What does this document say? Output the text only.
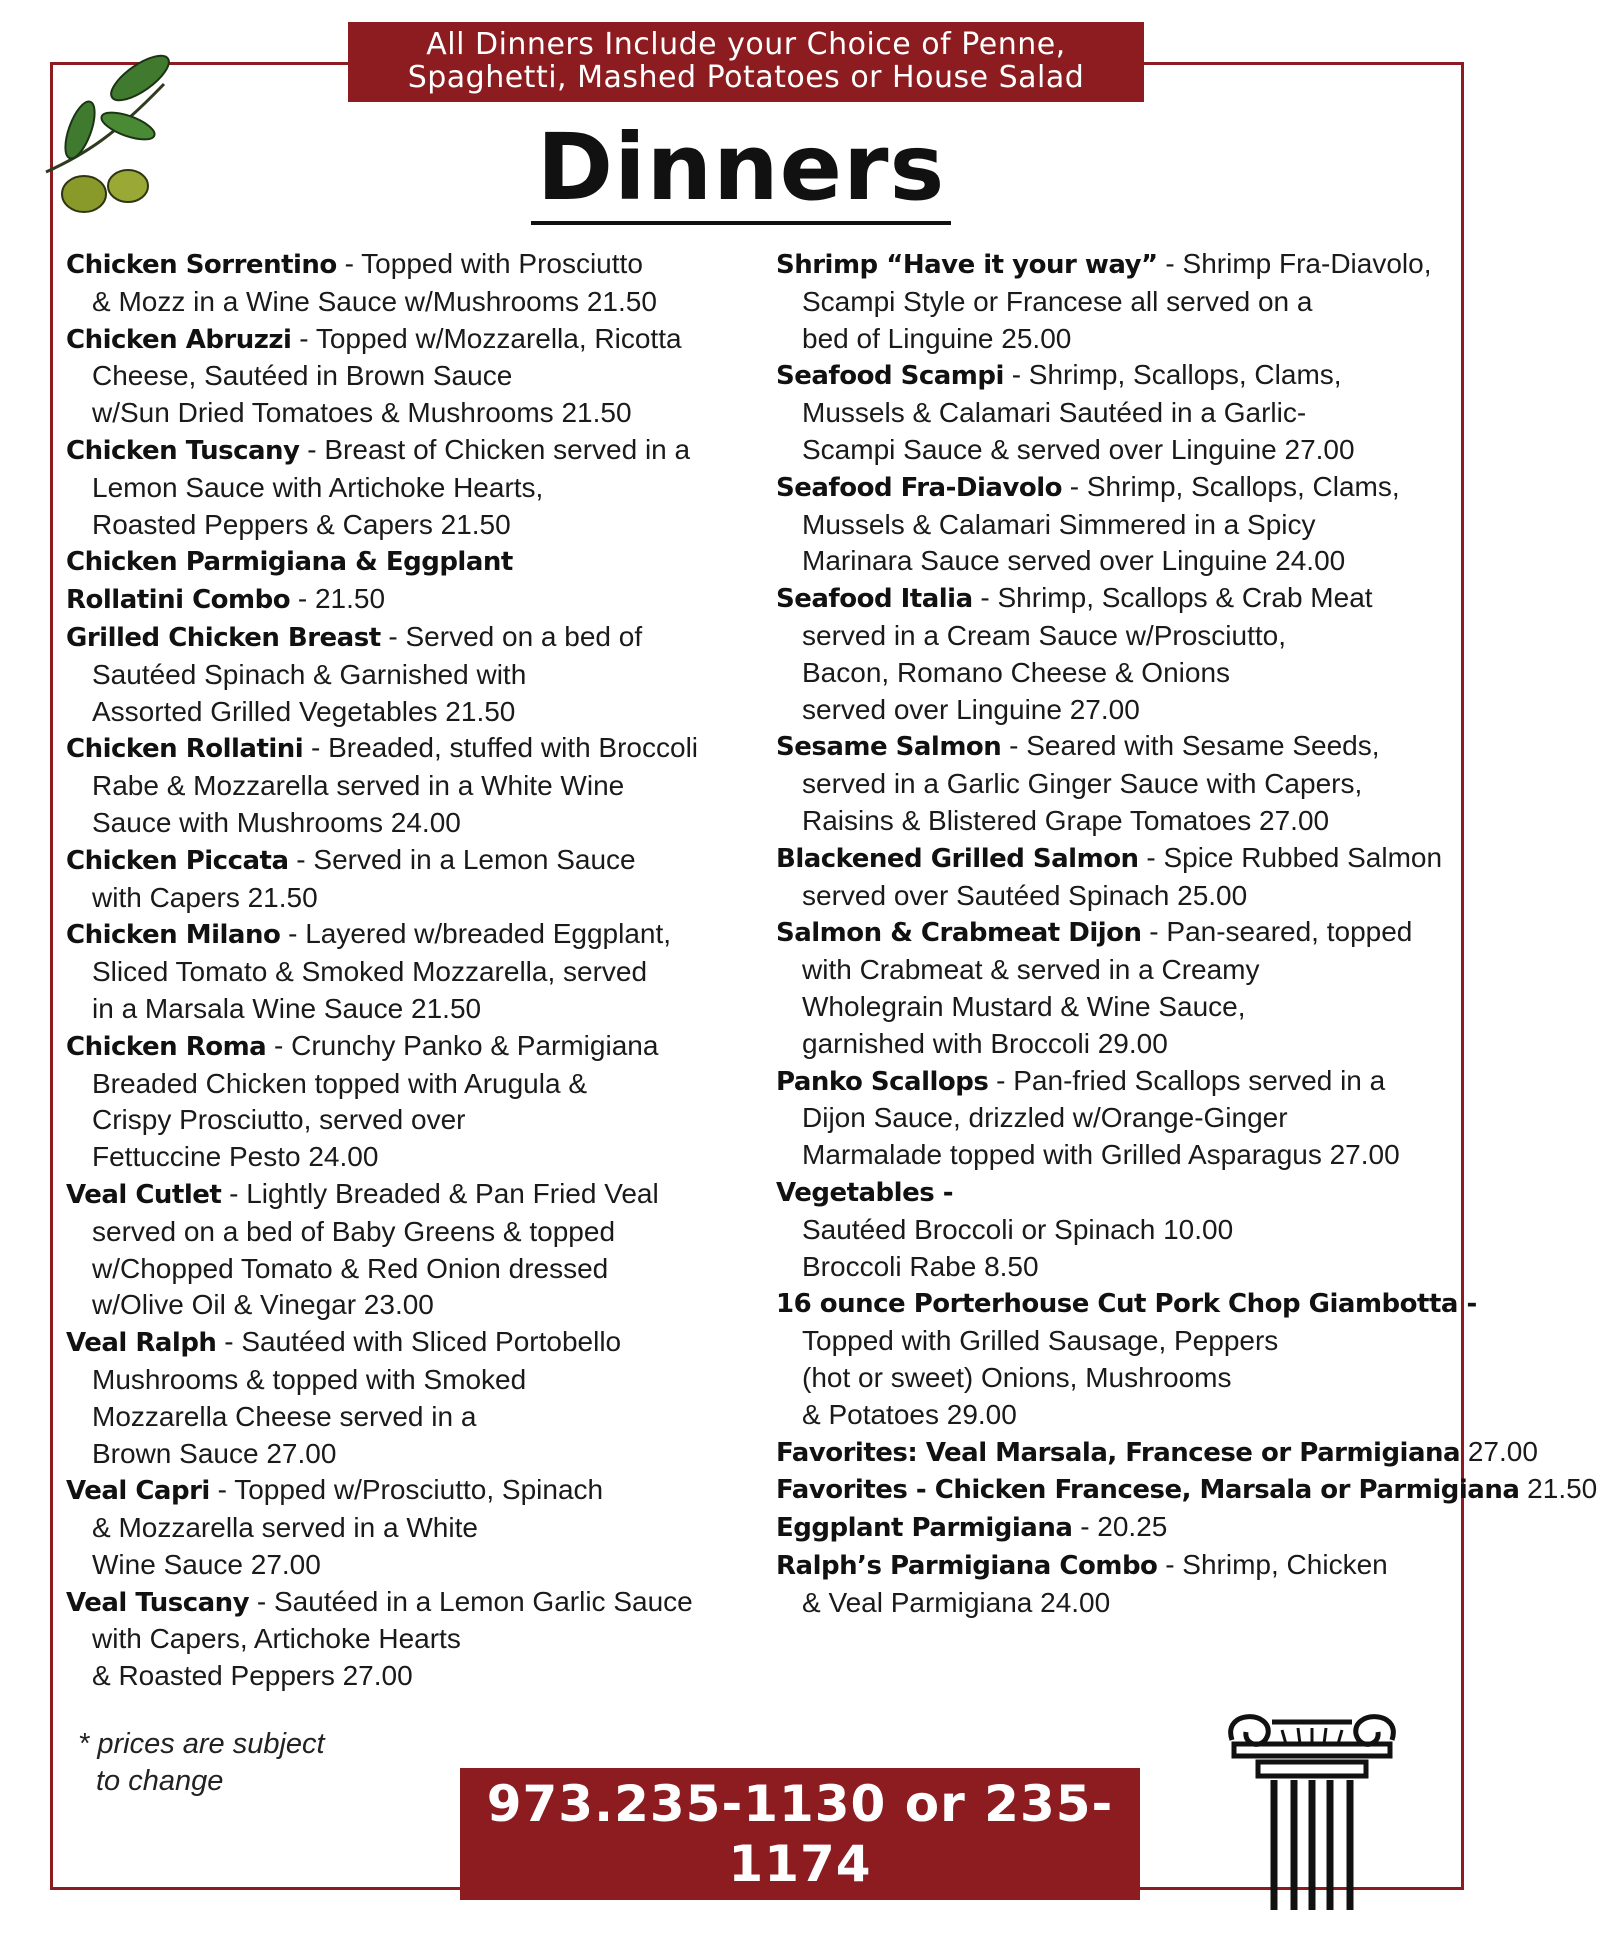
All Dinners Include your Choice of Penne,
Spaghetti, Mashed Potatoes or House Salad
Dinners
Chicken Sorrentino - Topped with Prosciutto
& Mozz in a Wine Sauce w/Mushrooms 21.50
Chicken Abruzzi - Topped w/Mozzarella, Ricotta
Cheese, Sautéed in Brown Sauce
w/Sun Dried Tomatoes & Mushrooms 21.50
Chicken Tuscany - Breast of Chicken served in a
Lemon Sauce with Artichoke Hearts,
Roasted Peppers & Capers 21.50
Chicken Parmigiana & Eggplant
Rollatini Combo - 21.50
Grilled Chicken Breast - Served on a bed of
Sautéed Spinach & Garnished with
Assorted Grilled Vegetables 21.50
Chicken Rollatini - Breaded, stuffed with Broccoli
Rabe & Mozzarella served in a White Wine
Sauce with Mushrooms 24.00
Chicken Piccata - Served in a Lemon Sauce
with Capers 21.50
Chicken Milano - Layered w/breaded Eggplant,
Sliced Tomato & Smoked Mozzarella, served
in a Marsala Wine Sauce 21.50
Chicken Roma - Crunchy Panko & Parmigiana
Breaded Chicken topped with Arugula &
Crispy Prosciutto, served over
Fettuccine Pesto 24.00
Veal Cutlet - Lightly Breaded & Pan Fried Veal
served on a bed of Baby Greens & topped
w/Chopped Tomato & Red Onion dressed
w/Olive Oil & Vinegar 23.00
Veal Ralph - Sautéed with Sliced Portobello
Mushrooms & topped with Smoked
Mozzarella Cheese served in a
Brown Sauce 27.00
Veal Capri - Topped w/Prosciutto, Spinach
& Mozzarella served in a White
Wine Sauce 27.00
Veal Tuscany - Sautéed in a Lemon Garlic Sauce
with Capers, Artichoke Hearts
& Roasted Peppers 27.00
Shrimp “Have it your way” - Shrimp Fra-Diavolo,
Scampi Style or Francese all served on a
bed of Linguine 25.00
Seafood Scampi - Shrimp, Scallops, Clams,
Mussels & Calamari Sautéed in a Garlic-
Scampi Sauce & served over Linguine 27.00
Seafood Fra-Diavolo - Shrimp, Scallops, Clams,
Mussels & Calamari Simmered in a Spicy
Marinara Sauce served over Linguine 24.00
Seafood Italia - Shrimp, Scallops & Crab Meat
served in a Cream Sauce w/Prosciutto,
Bacon, Romano Cheese & Onions
served over Linguine 27.00
Sesame Salmon - Seared with Sesame Seeds,
served in a Garlic Ginger Sauce with Capers,
Raisins & Blistered Grape Tomatoes 27.00
Blackened Grilled Salmon - Spice Rubbed Salmon
served over Sautéed Spinach 25.00
Salmon & Crabmeat Dijon - Pan-seared, topped
with Crabmeat & served in a Creamy
Wholegrain Mustard & Wine Sauce,
garnished with Broccoli 29.00
Panko Scallops - Pan-fried Scallops served in a
Dijon Sauce, drizzled w/Orange-Ginger
Marmalade topped with Grilled Asparagus 27.00
Vegetables -
Sautéed Broccoli or Spinach 10.00
Broccoli Rabe 8.50
16 ounce Porterhouse Cut Pork Chop Giambotta -
Topped with Grilled Sausage, Peppers
(hot or sweet) Onions, Mushrooms
& Potatoes 29.00
Favorites: Veal Marsala, Francese or Parmigiana 27.00
Favorites - Chicken Francese, Marsala or Parmigiana 21.50
Eggplant Parmigiana - 20.25
Ralph’s Parmigiana Combo - Shrimp, Chicken
& Veal Parmigiana 24.00
* prices are subject
to change	973.235-1130 or 235-1174
www.ralphspizzeria.com
